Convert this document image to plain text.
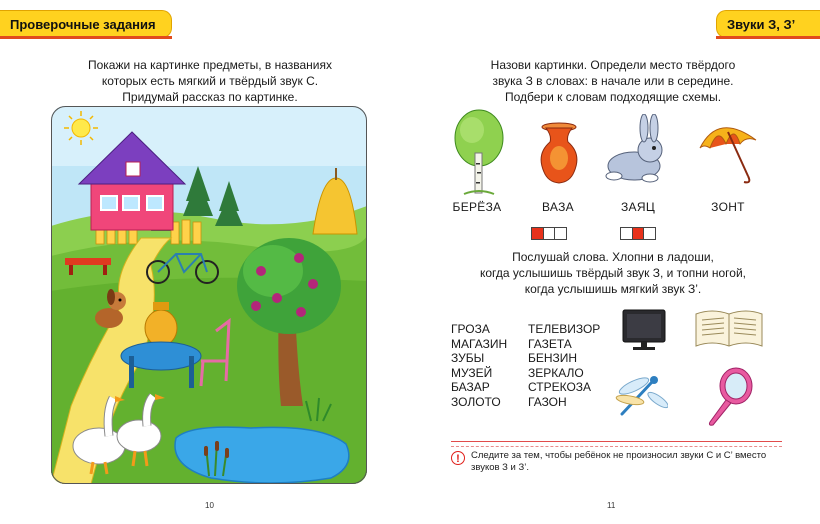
Проверочные задания
Покажи на картинке предметы, в названиях
которых есть мягкий и твёрдый звук С.
Придумай рассказ по картинке.
10
Звуки З, З’
Назови картинки. Определи место твёрдого
звука З в словах: в начале или в середине.
Подбери к словам подходящие схемы.
БЕРЁЗА	ВАЗА	ЗАЯЦ	ЗОНТ
Послушай слова. Хлопни в ладоши,
когда услышишь твёрдый звук З, и топни ногой,
когда услышишь мягкий звук З’.
ГРОЗА
МАГАЗИН
ЗУБЫ
МУЗЕЙ
БАЗАР
ЗОЛОТО
ТЕЛЕВИЗОР
ГАЗЕТА
БЕНЗИН
ЗЕРКАЛО
СТРЕКОЗА
ГАЗОН
!	Следите за тем, чтобы ребёнок не произносил звуки С и С’ вместо звуков З и З’.
11
